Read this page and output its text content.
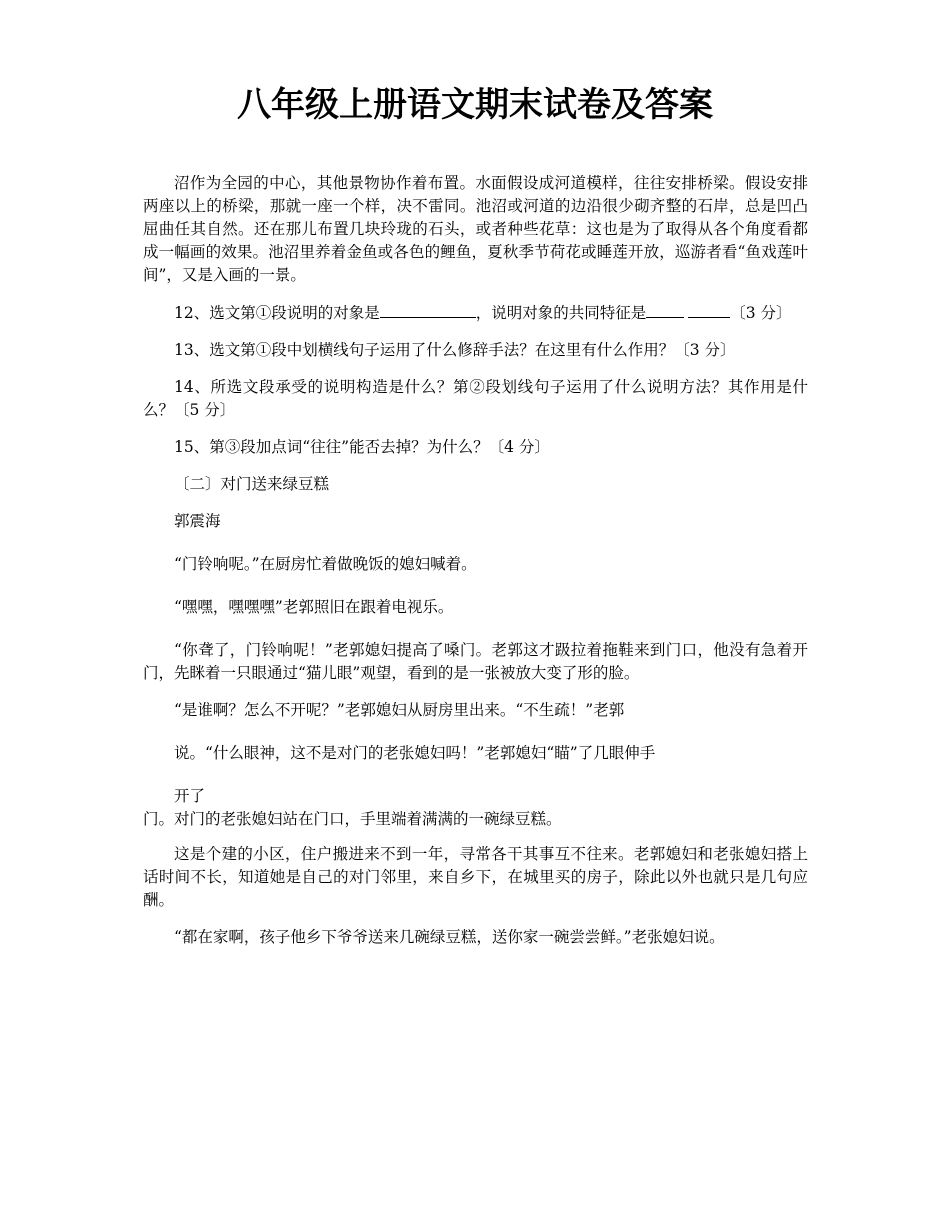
八年级上册语文期末试卷及答案

沼作为全园的中心，其他景物协作着布置。水面假设成河道模样，往往安排桥梁。假设安排两座以上的桥梁，那就一座一个样，决不雷同。池沼或河道的边沿很少砌齐整的石岸，总是凹凸屈曲任其自然。还在那儿布置几块玲珑的石头，或者种些花草：这也是为了取得从各个角度看都成一幅画的效果。池沼里养着金鱼或各色的鲤鱼，夏秋季节荷花或睡莲开放，巡游者看“鱼戏莲叶间”，又是入画的一景。

12、选文第①段说明的对象是	，说明对象的共同特征是	〔3 分〕

13、选文第①段中划横线句子运用了什么修辞手法？在这里有什么作用？〔3 分〕

14、所选文段承受的说明构造是什么？第②段划线句子运用了什么说明方法？其作用是什么？〔5 分〕

15、第③段加点词“往往”能否去掉？为什么？〔4 分〕

〔二〕对门送来绿豆糕

郭震海

“门铃响呢。”在厨房忙着做晚饭的媳妇喊着。

“嘿嘿，嘿嘿嘿”老郭照旧在跟着电视乐。

“你聋了，门铃响呢！”老郭媳妇提高了嗓门。老郭这才趿拉着拖鞋来到门口，他没有急着开门，先眯着一只眼通过“猫儿眼”观望，看到的是一张被放大变了形的脸。

“是谁啊？怎么不开呢？”老郭媳妇从厨房里出来。“不生疏！”老郭

说。“什么眼神，这不是对门的老张媳妇吗！”老郭媳妇“瞄”了几眼伸手

开了

门。对门的老张媳妇站在门口，手里端着满满的一碗绿豆糕。

这是个建的小区，住户搬进来不到一年，寻常各干其事互不往来。老郭媳妇和老张媳妇搭上话时间不长，知道她是自己的对门邻里，来自乡下，在城里买的房子，除此以外也就只是几句应酬。

“都在家啊，孩子他乡下爷爷送来几碗绿豆糕，送你家一碗尝尝鲜。”老张媳妇说。
